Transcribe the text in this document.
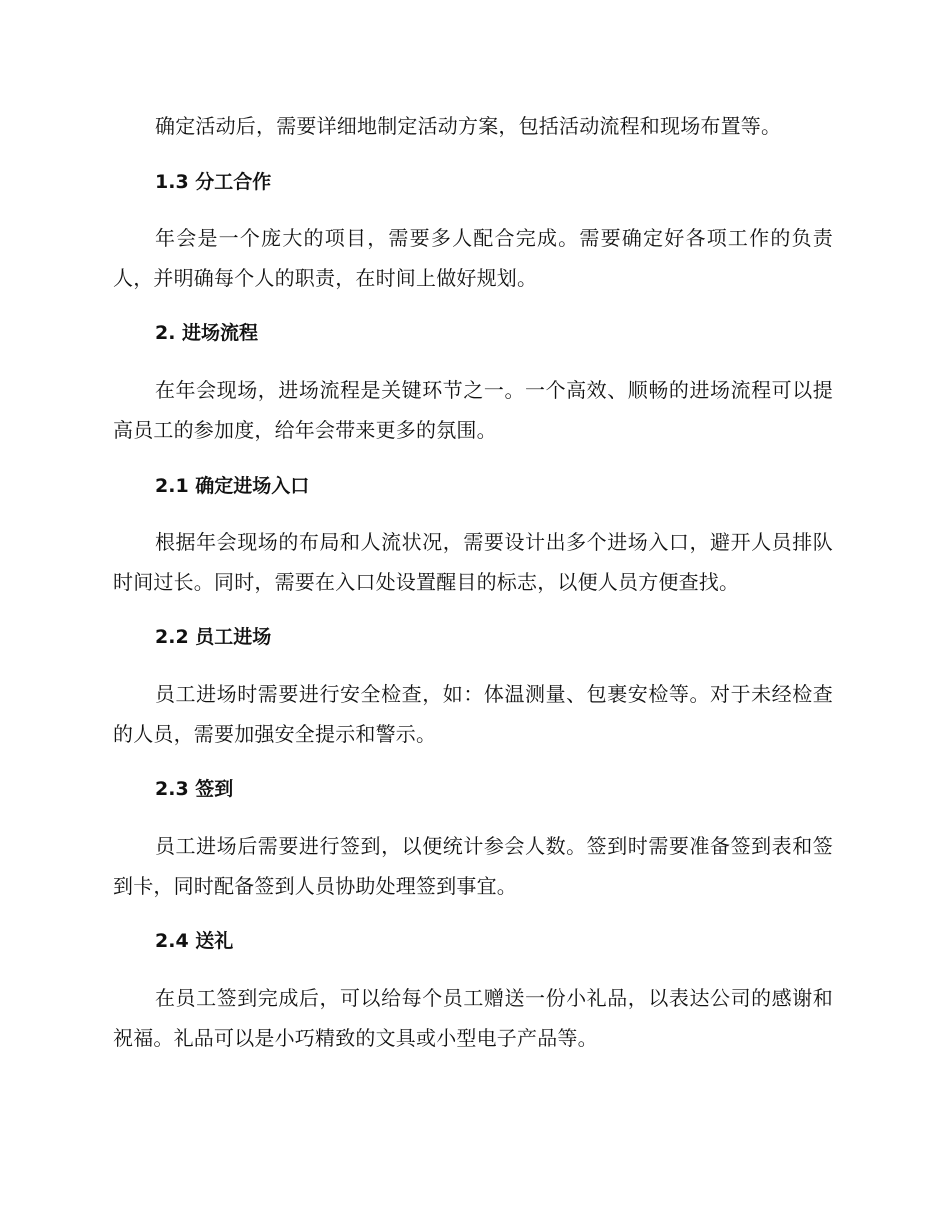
确定活动后，需要详细地制定活动方案，包括活动流程和现场布置等。

1.3 分工合作

年会是一个庞大的项目，需要多人配合完成。需要确定好各项工作的负责人，并明确每个人的职责，在时间上做好规划。

2. 进场流程

在年会现场，进场流程是关键环节之一。一个高效、顺畅的进场流程可以提高员工的参加度，给年会带来更多的氛围。

2.1 确定进场入口

根据年会现场的布局和人流状况，需要设计出多个进场入口，避开人员排队时间过长。同时，需要在入口处设置醒目的标志，以便人员方便查找。

2.2 员工进场

员工进场时需要进行安全检查，如：体温测量、包裹安检等。对于未经检查的人员，需要加强安全提示和警示。

2.3 签到

员工进场后需要进行签到，以便统计参会人数。签到时需要准备签到表和签到卡，同时配备签到人员协助处理签到事宜。

2.4 送礼

在员工签到完成后，可以给每个员工赠送一份小礼品，以表达公司的感谢和祝福。礼品可以是小巧精致的文具或小型电子产品等。
